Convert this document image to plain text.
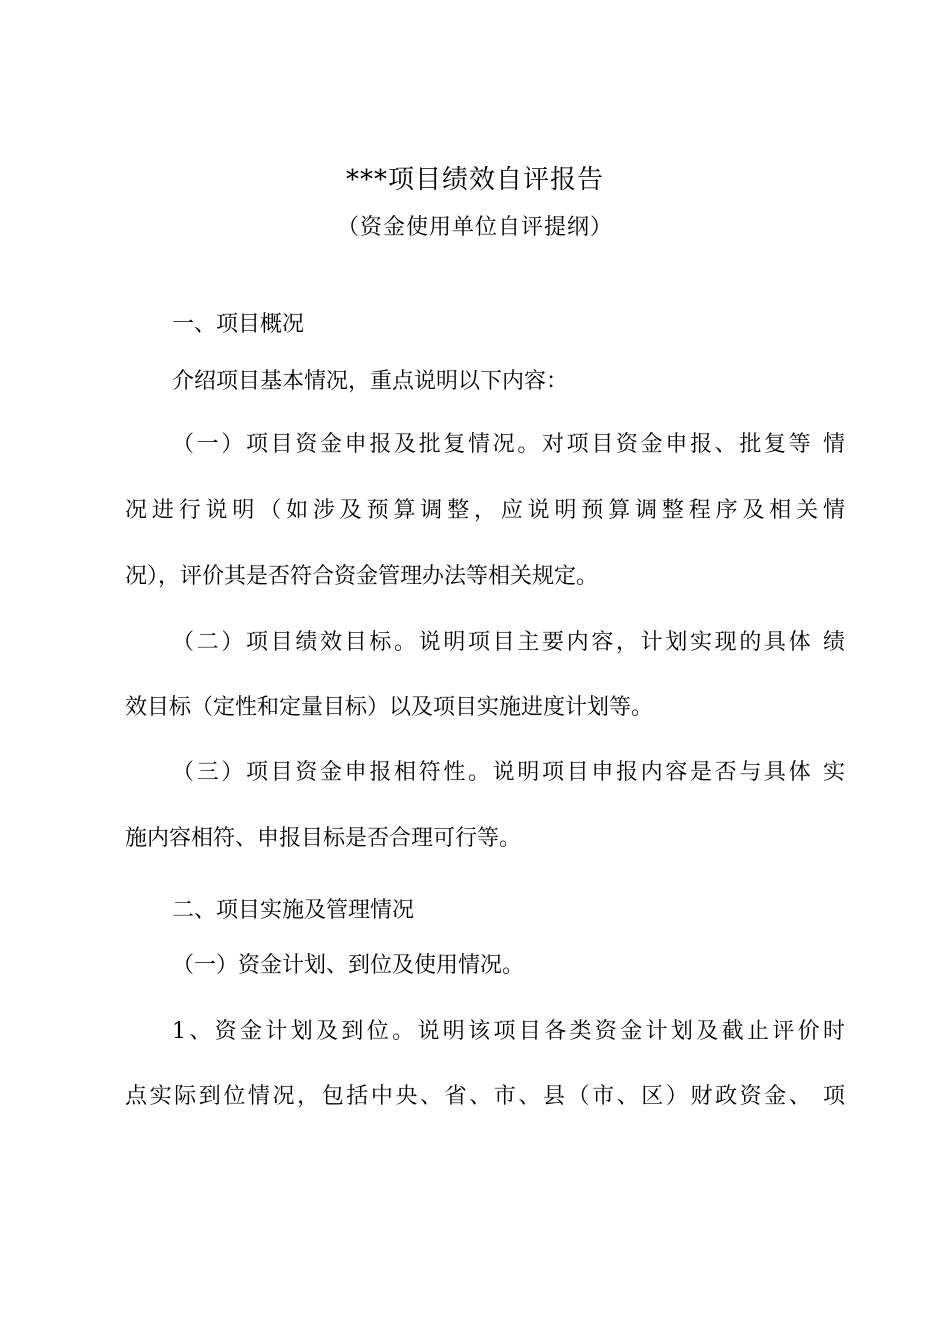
***项目绩效自评报告
（资金使用单位自评提纲）
一、项目概况
介绍项目基本情况，重点说明以下内容：
（一）项目资金申报及批复情况。对项目资金申报、批复等 情
况进行说明（如涉及预算调整，应说明预算调整程序及相关情
况），评价其是否符合资金管理办法等相关规定。
（二）项目绩效目标。说明项目主要内容，计划实现的具体 绩
效目标（定性和定量目标）以及项目实施进度计划等。
（三）项目资金申报相符性。说明项目申报内容是否与具体 实
施内容相符、申报目标是否合理可行等。
二、项目实施及管理情况
（一）资金计划、到位及使用情况。
1、资金计划及到位。说明该项目各类资金计划及截止评价时
点实际到位情况，包括中央、省、市、县（市、区）财政资金、 项
